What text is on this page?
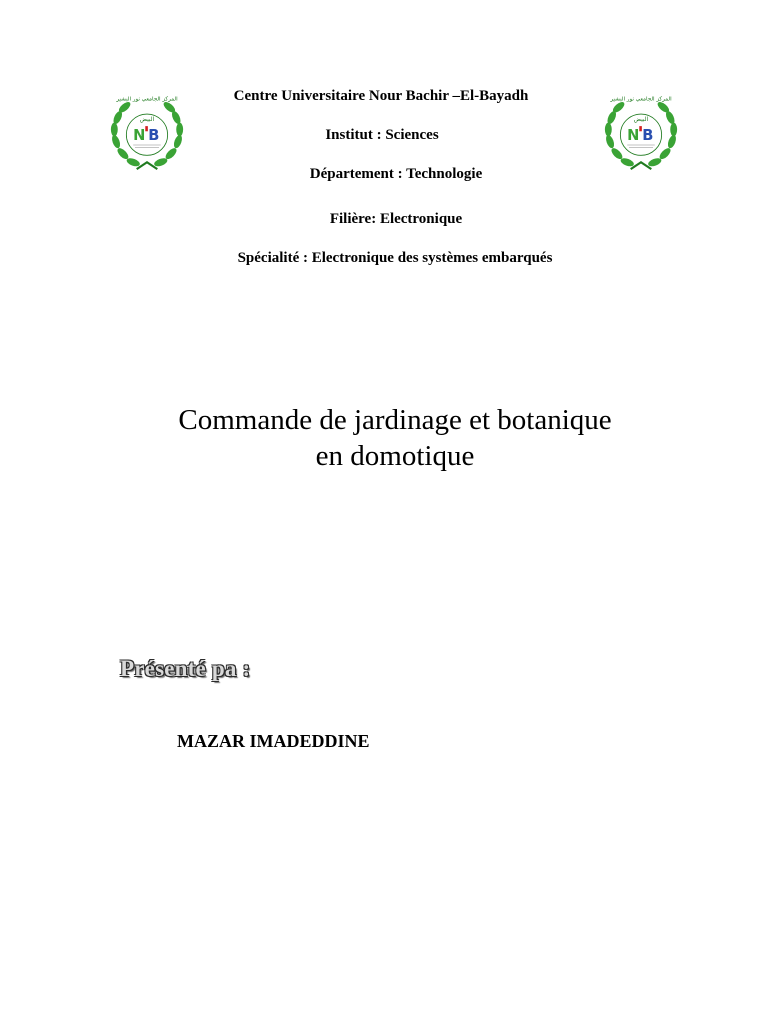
البيض
N B
المركز الجامعي نور البشير
البيض
N B
المركز الجامعي نور البشير
Centre Universitaire Nour Bachir –El-Bayadh
Institut : Sciences
Département : Technologie
Filière: Electronique
Spécialité : Electronique des systèmes embarqués
Commande de jardinage et botanique
en domotique
Présenté pa :
MAZAR IMADEDDINE
